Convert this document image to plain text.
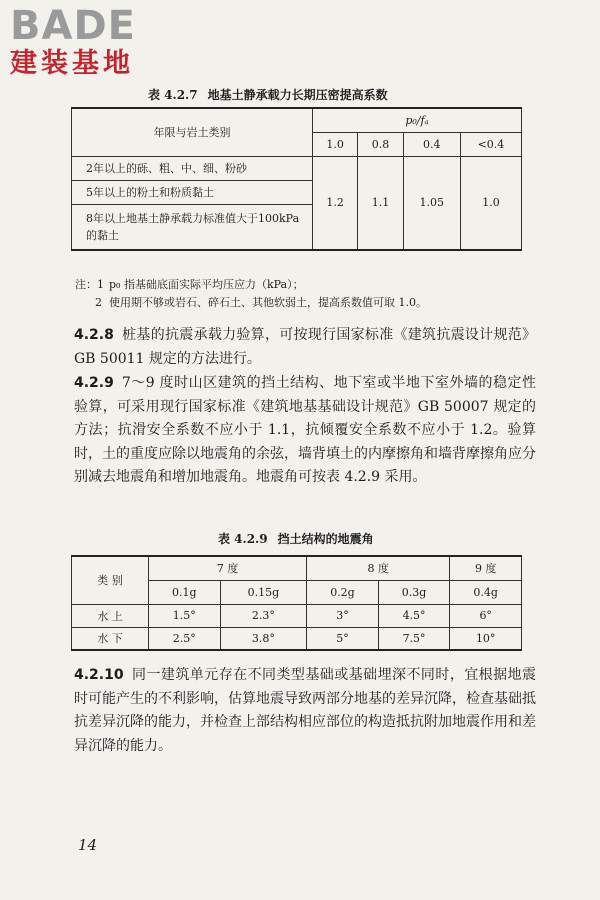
BADE
建装基地
表 4.2.7 地基土静承载力长期压密提高系数
年限与岩土类别	p₀/fₐ			
	1.0	0.8	0.4	<0.4
2年以上的砾、粗、中、细、粉砂	1.2	1.1	1.05	1.0
5年以上的粉土和粉质黏土				
8年以上地基土静承载力标准值大于100kPa的黏土				
注：1 p₀ 指基础底面实际平均压应力（kPa）；
2 使用期不够或岩石、碎石土、其他软弱土，提高系数值可取 1.0。
4.2.8 桩基的抗震承载力验算，可按现行国家标准《建筑抗震设计规范》GB 50011 规定的方法进行。
4.2.9 7～9 度时山区建筑的挡土结构、地下室或半地下室外墙的稳定性验算，可采用现行国家标准《建筑地基基础设计规范》GB 50007 规定的方法；抗滑安全系数不应小于 1.1，抗倾覆安全系数不应小于 1.2。验算时，土的重度应除以地震角的余弦，墙背填土的内摩擦角和墙背摩擦角应分别减去地震角和增加地震角。地震角可按表 4.2.9 采用。
表 4.2.9 挡土结构的地震角
类 别	7 度		8 度		9 度
	0.1g	0.15g	0.2g	0.3g	0.4g
水 上	1.5°	2.3°	3°	4.5°	6°
水 下	2.5°	3.8°	5°	7.5°	10°
4.2.10 同一建筑单元存在不同类型基础或基础埋深不同时，宜根据地震时可能产生的不利影响，估算地震导致两部分地基的差异沉降，检查基础抵抗差异沉降的能力，并检查上部结构相应部位的构造抵抗附加地震作用和差异沉降的能力。
14
